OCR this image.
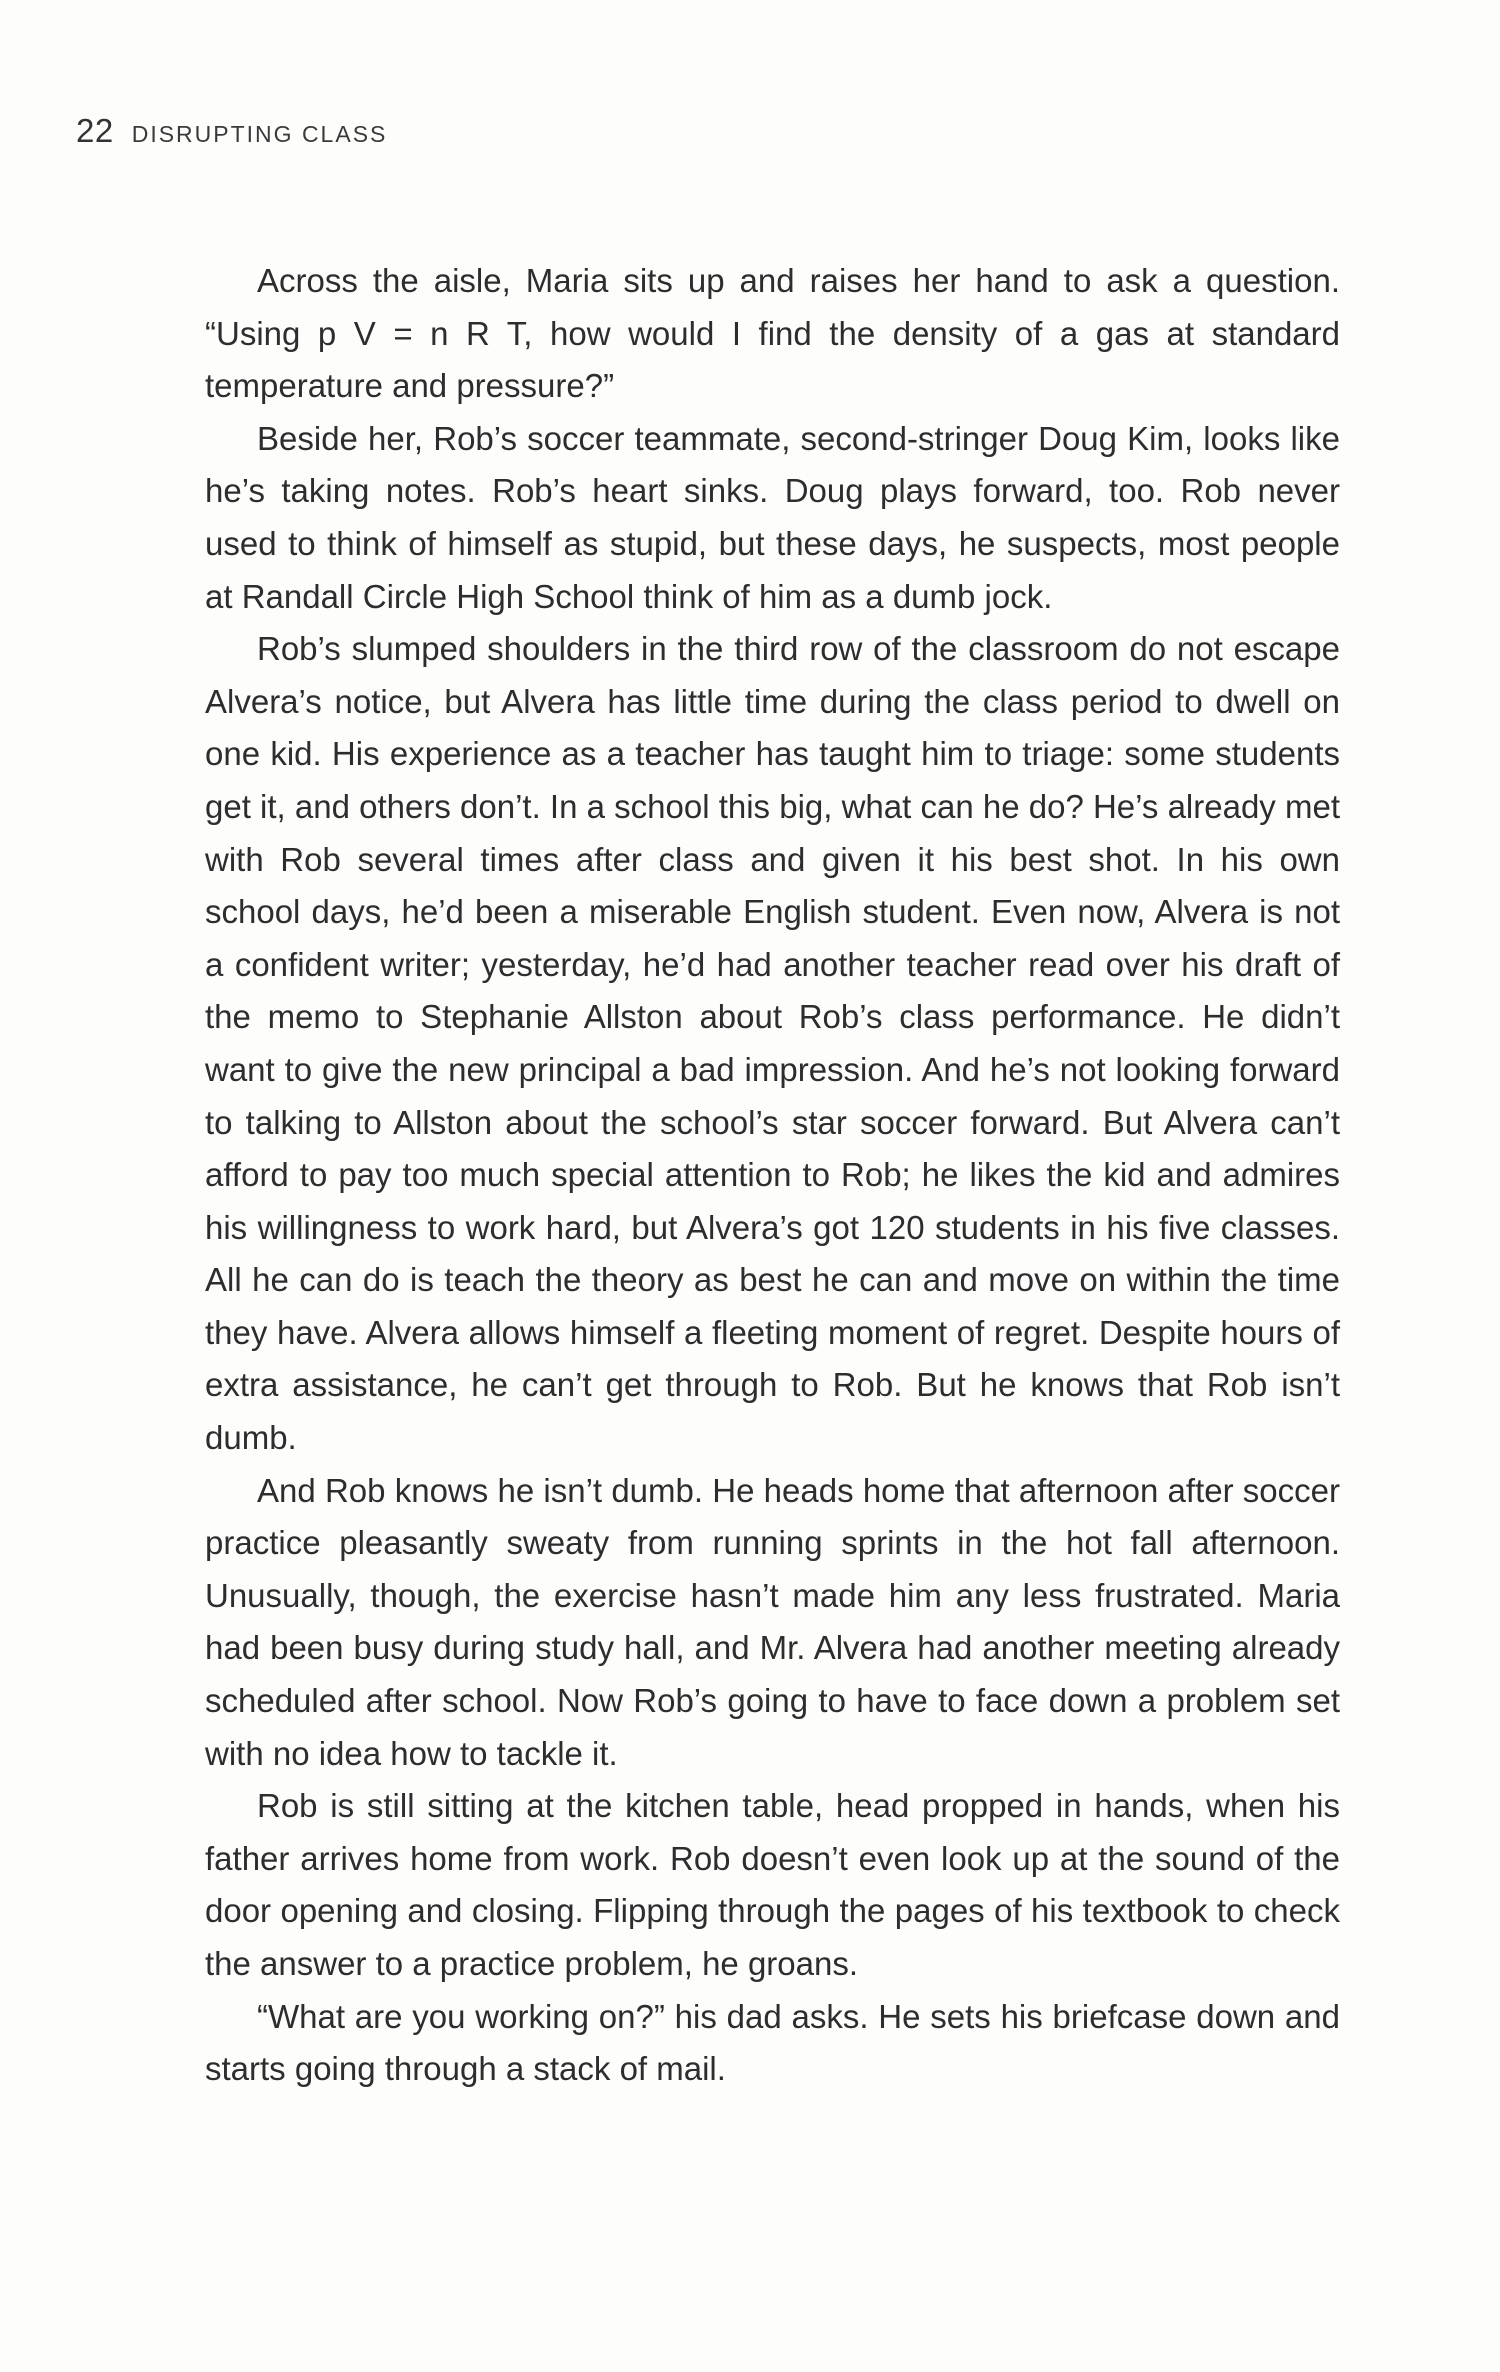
22 DISRUPTING CLASS

Across the aisle, Maria sits up and raises her hand to ask a question. “Using p V = n R T, how would I find the density of a gas at standard temperature and pressure?”

Beside her, Rob’s soccer teammate, second-stringer Doug Kim, looks like he’s taking notes. Rob’s heart sinks. Doug plays forward, too. Rob never used to think of himself as stupid, but these days, he suspects, most people at Randall Circle High School think of him as a dumb jock.

Rob’s slumped shoulders in the third row of the classroom do not escape Alvera’s notice, but Alvera has little time during the class period to dwell on one kid. His experience as a teacher has taught him to triage: some students get it, and others don’t. In a school this big, what can he do? He’s already met with Rob several times after class and given it his best shot. In his own school days, he’d been a miserable English student. Even now, Alvera is not a confident writer; yesterday, he’d had another teacher read over his draft of the memo to Stephanie Allston about Rob’s class performance. He didn’t want to give the new principal a bad impression. And he’s not looking forward to talking to Allston about the school’s star soccer forward. But Alvera can’t afford to pay too much special attention to Rob; he likes the kid and admires his willingness to work hard, but Alvera’s got 120 students in his five classes. All he can do is teach the theory as best he can and move on within the time they have. Alvera allows himself a fleeting moment of regret. Despite hours of extra assistance, he can’t get through to Rob. But he knows that Rob isn’t dumb.

And Rob knows he isn’t dumb. He heads home that afternoon after soccer practice pleasantly sweaty from running sprints in the hot fall afternoon. Unusually, though, the exercise hasn’t made him any less frustrated. Maria had been busy during study hall, and Mr. Alvera had another meeting already scheduled after school. Now Rob’s going to have to face down a problem set with no idea how to tackle it.

Rob is still sitting at the kitchen table, head propped in hands, when his father arrives home from work. Rob doesn’t even look up at the sound of the door opening and closing. Flipping through the pages of his textbook to check the answer to a practice problem, he groans.

“What are you working on?” his dad asks. He sets his briefcase down and starts going through a stack of mail.
